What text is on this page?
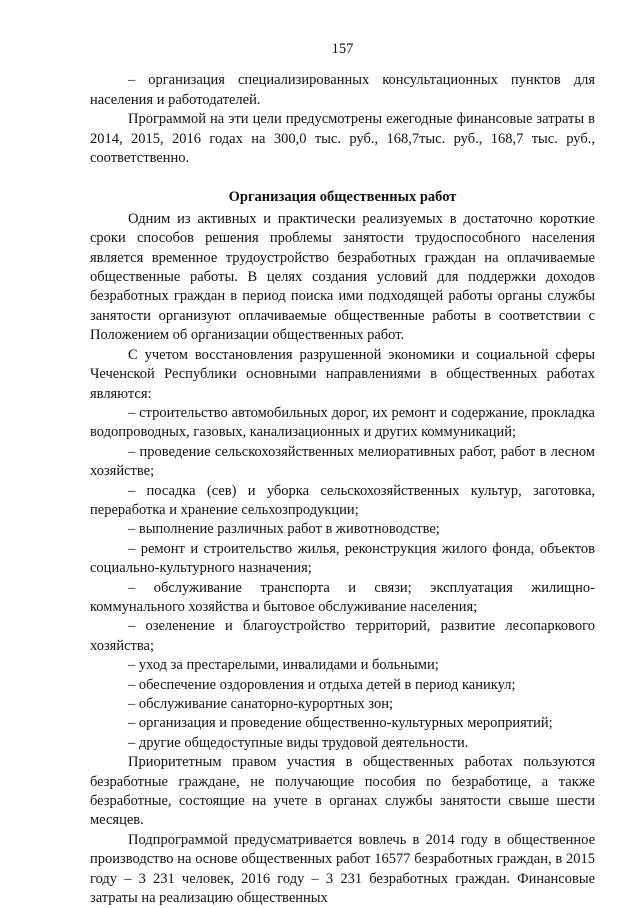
157

– организация специализированных консультационных пунктов для населения и работодателей.

Программой на эти цели предусмотрены ежегодные финансовые затраты в 2014, 2015, 2016 годах на 300,0 тыс. руб., 168,7тыс. руб., 168,7 тыс. руб., соответственно.

Организация общественных работ

Одним из активных и практически реализуемых в достаточно короткие сроки способов решения проблемы занятости трудоспособного населения является временное трудоустройство безработных граждан на оплачиваемые общественные работы. В целях создания условий для поддержки доходов безработных граждан в период поиска ими подходящей работы органы службы занятости организуют оплачиваемые общественные работы в соответствии с Положением об организации общественных работ.

С учетом восстановления разрушенной экономики и социальной сферы Чеченской Республики основными направлениями в общественных работах являются:

– строительство автомобильных дорог, их ремонт и содержание, прокладка водопроводных, газовых, канализационных и других коммуникаций;

– проведение сельскохозяйственных мелиоративных работ, работ в лесном хозяйстве;

– посадка (сев) и уборка сельскохозяйственных культур, заготовка, переработка и хранение сельхозпродукции;

– выполнение различных работ в животноводстве;

– ремонт и строительство жилья, реконструкция жилого фонда, объектов социально-культурного назначения;

– обслуживание транспорта и связи; эксплуатация жилищно-коммунального хозяйства и бытовое обслуживание населения;

– озеленение и благоустройство территорий, развитие лесопаркового хозяйства;

– уход за престарелыми, инвалидами и больными;

– обеспечение оздоровления и отдыха детей в период каникул;

– обслуживание санаторно-курортных зон;

– организация и проведение общественно-культурных мероприятий;

– другие общедоступные виды трудовой деятельности.

Приоритетным правом участия в общественных работах пользуются безработные граждане, не получающие пособия по безработице, а также безработные, состоящие на учете в органах службы занятости свыше шести месяцев.

Подпрограммой предусматривается вовлечь в 2014 году в общественное производство на основе общественных работ 16577 безработных граждан, в 2015 году – 3 231 человек, 2016 году – 3 231 безработных граждан. Финансовые затраты на реализацию общественных
